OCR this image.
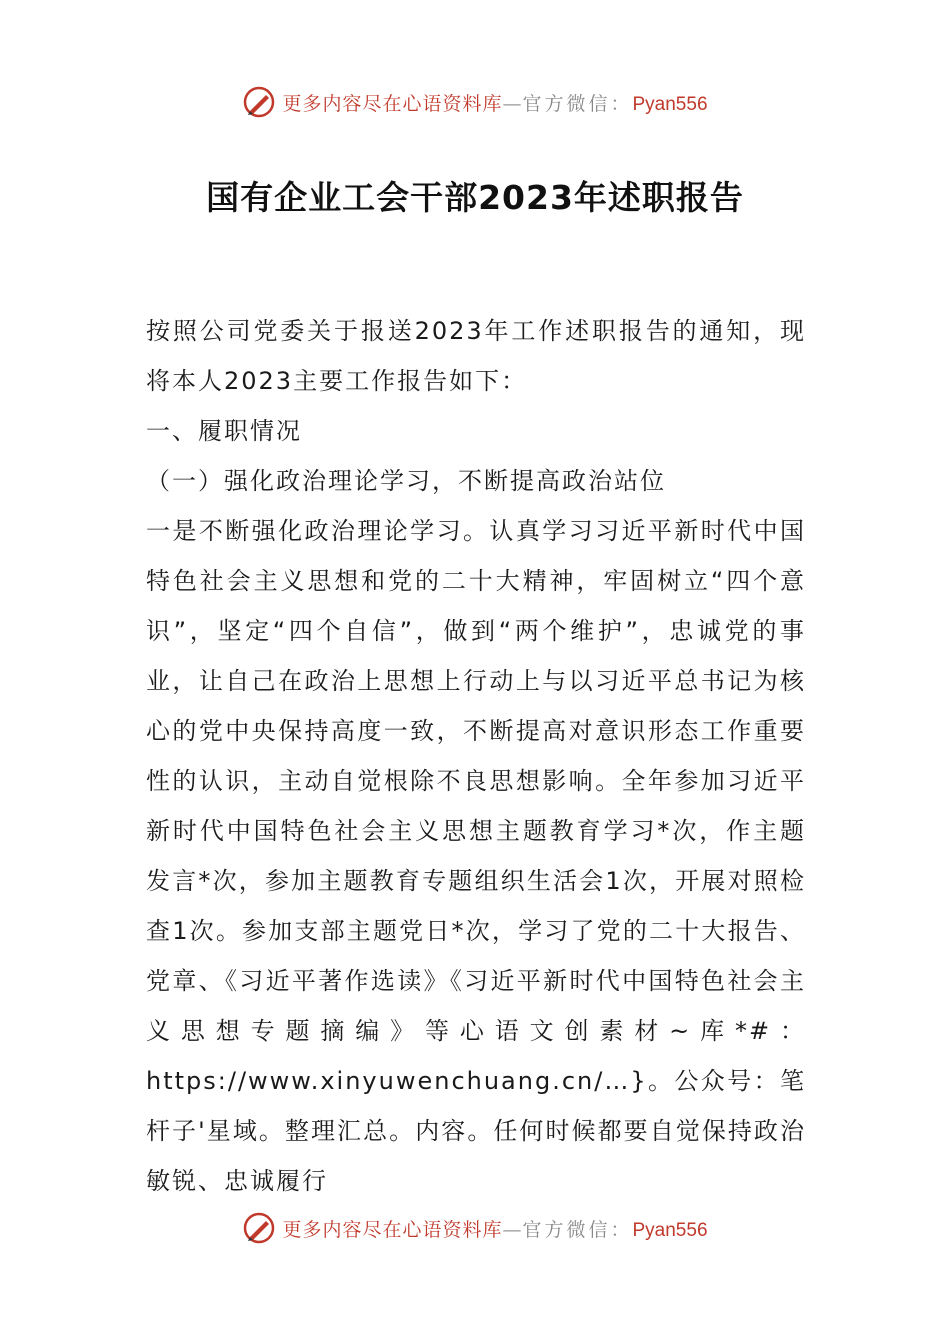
更多内容尽在心语资料库—官方微信：Pyan556
国有企业工会干部2023年述职报告

按照公司党委关于报送2023年工作述职报告的通知，现将本人2023主要工作报告如下：

一、履职情况

（一）强化政治理论学习，不断提高政治站位

一是不断强化政治理论学习。认真学习习近平新时代中国特色社会主义思想和党的二十大精神，牢固树立“四个意识”，坚定“四个自信”，做到“两个维护”，忠诚党的事业，让自己在政治上思想上行动上与以习近平总书记为核心的党中央保持高度一致，不断提高对意识形态工作重要性的认识，主动自觉根除不良思想影响。全年参加习近平新时代中国特色社会主义思想主题教育学习*次，作主题发言*次，参加主题教育专题组织生活会1次，开展对照检查1次。参加支部主题党日*次，学习了党的二十大报告、党章、《习近平著作选读》《习近平新时代中国特色社会主义思想专题摘编》等心语文创素材~库*#：https://www.xinyuwenchuang.cn/…}。公众号：笔杆子'星域。整理汇总。内容。任何时候都要自觉保持政治敏锐、忠诚履行

更多内容尽在心语资料库—官方微信：Pyan556
